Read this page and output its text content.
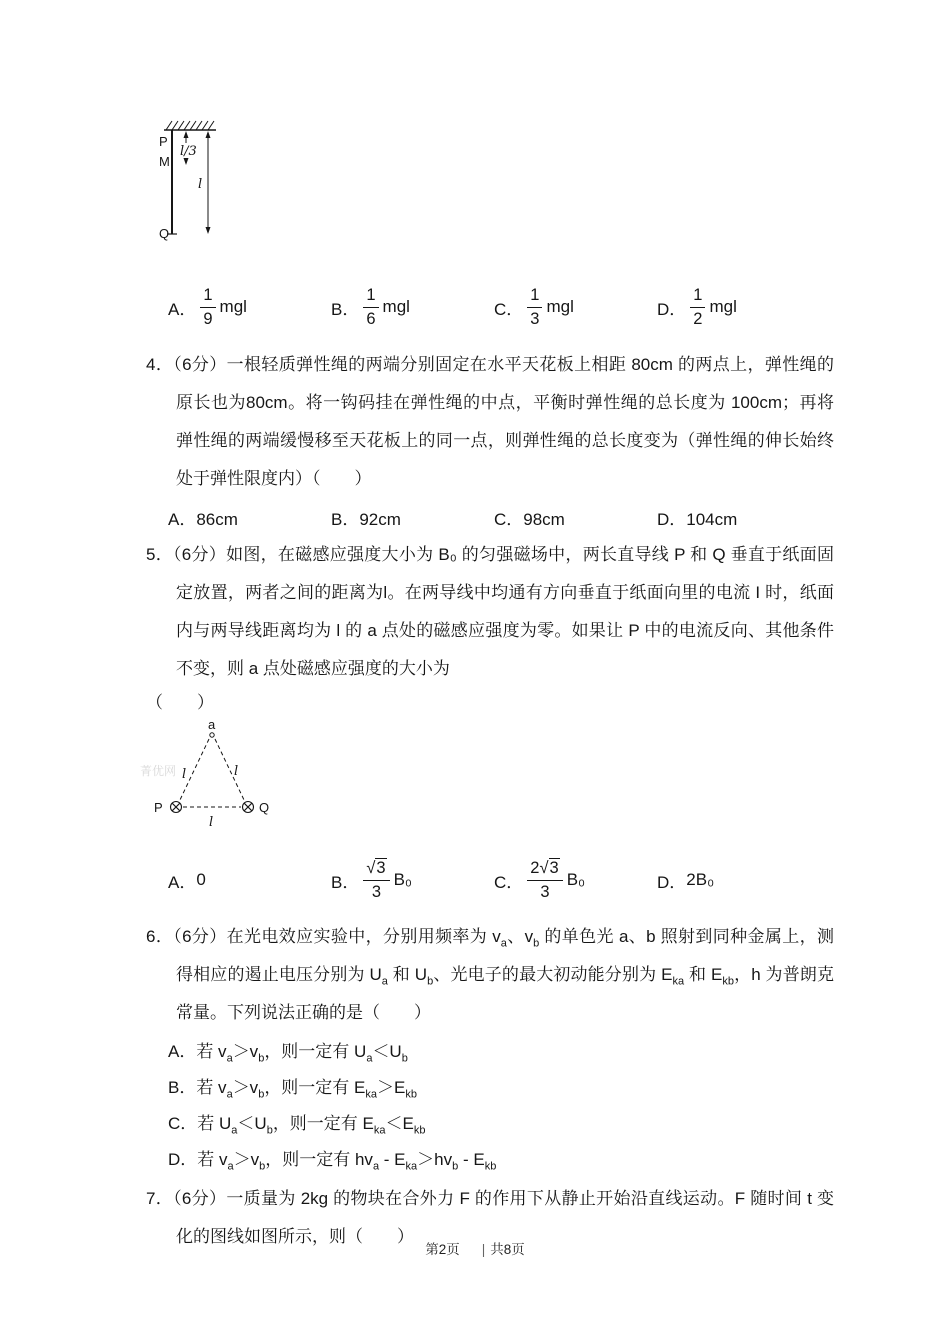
P
M
Q
l/3
l
A． $\frac{1}{9}$ mgl	B． $\frac{1}{6}$ mgl	C． $\frac{1}{3}$ mgl	D． $\frac{1}{2}$ mgl

4．（6分）一根轻质弹性绳的两端分别固定在水平天花板上相距 80cm 的两点上，弹性绳的原长也为80cm。将一钩码挂在弹性绳的中点，平衡时弹性绳的总长度为 100cm；再将弹性绳的两端缓慢移至天花板上的同一点，则弹性绳的总长度变为（弹性绳的伸长始终处于弹性限度内）（　　）

A．86cm	B．92cm	C．98cm	D．104cm

5．（6分）如图，在磁感应强度大小为 B₀ 的匀强磁场中，两长直导线 P 和 Q 垂直于纸面固定放置，两者之间的距离为l。在两导线中均通有方向垂直于纸面向里的电流 I 时，纸面内与两导线距离均为 l 的 a 点处的磁感应强度为零。如果让 P 中的电流反向、其他条件不变，则 a 点处磁感应强度的大小为

（　　）

a
l	l
P	Q
l
A． 0	B． $\frac{√3}{3} B_0$	C． $\frac{2√3}{3} B_0$	D． 2B₀

6．（6分）在光电效应实验中，分别用频率为 $v_a$、$v_b$ 的单色光 a、b 照射到同种金属上，测得相应的遏止电压分别为 $U_a$ 和 $U_b$、光电子的最大初动能分别为 $E_{ka}$ 和 $E_{kb}$，h 为普朗克常量。下列说法正确的是（　　）

A．若 $v_a>v_b$，则一定有 $U_a<U_b$
B．若 $v_a>v_b$，则一定有 $E_{ka}>E_{kb}$
C．若 $U_a<U_b$，则一定有 $E_{ka}<E_{kb}$
D．若 $v_a>v_b$，则一定有 $hv_a - E_{ka}>hv_b - E_{kb}$

7．（6分）一质量为 2kg 的物块在合外力 F 的作用下从静止开始沿直线运动。F 随时间 t 变化的图线如图所示，则（　　）

菁优网
第2页 | 共8页
